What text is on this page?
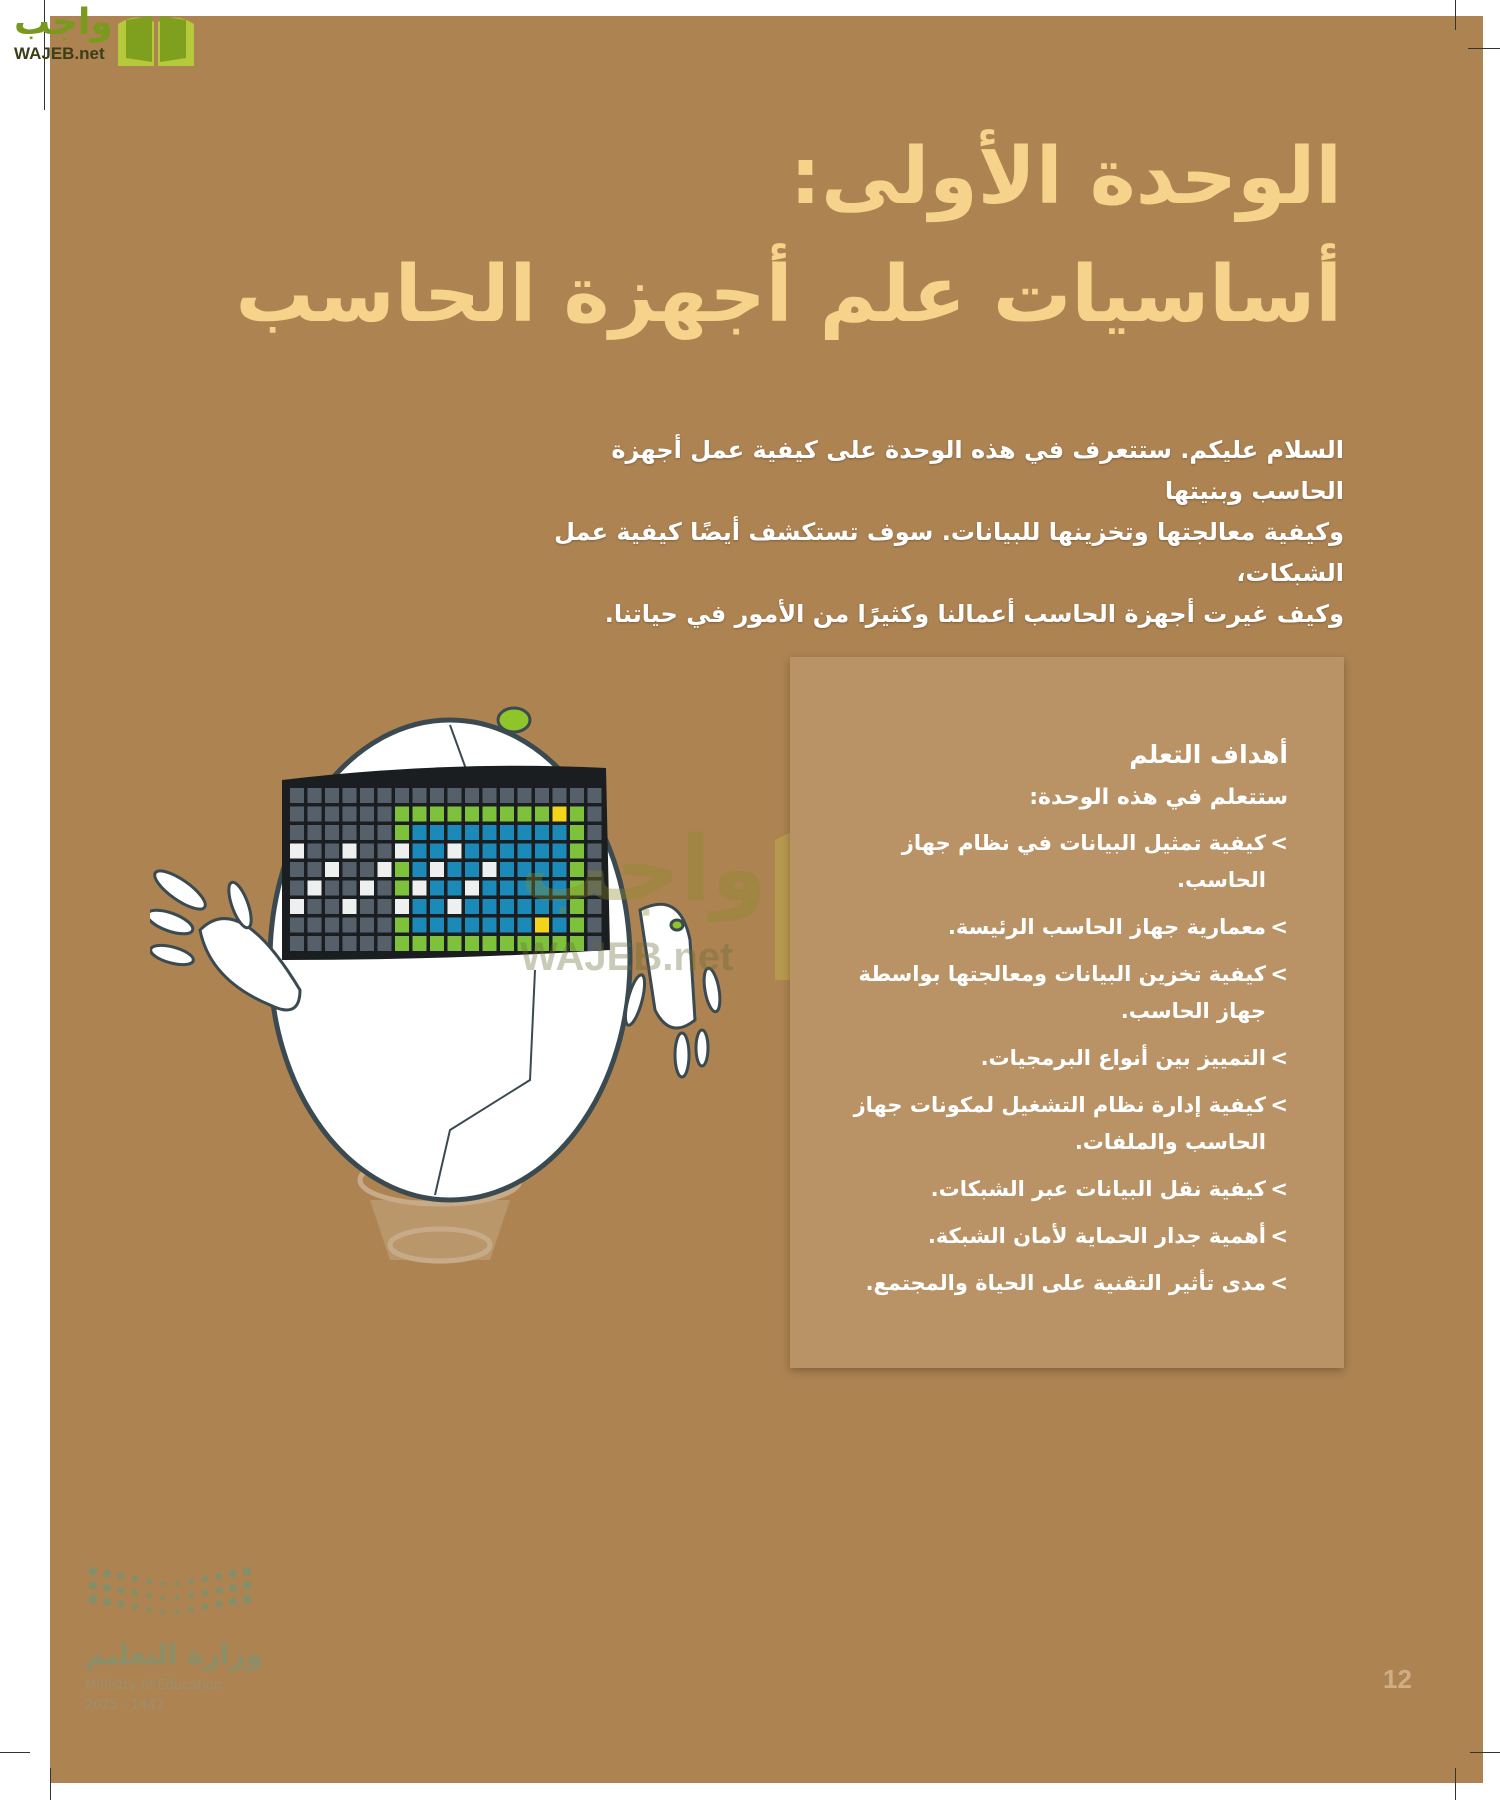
واجب
WAJEB.net
الوحدة الأولى:
أساسيات علم أجهزة الحاسب
السلام عليكم. ستتعرف في هذه الوحدة على كيفية عمل أجهزة الحاسب وبنيتها
وكيفية معالجتها وتخزينها للبيانات. سوف تستكشف أيضًا كيفية عمل الشبكات،
وكيف غيرت أجهزة الحاسب أعمالنا وكثيرًا من الأمور في حياتنا.
واجب
WAJEB.net
أهداف التعلم
ستتعلم في هذه الوحدة:
>
كيفية تمثيل البيانات في نظام جهاز الحاسب.
>
معمارية جهاز الحاسب الرئيسة.
>
كيفية تخزين البيانات ومعالجتها بواسطة جهاز الحاسب.
>
التمييز بين أنواع البرمجيات.
>
كيفية إدارة نظام التشغيل لمكونات جهاز الحاسب والملفات.
>
كيفية نقل البيانات عبر الشبكات.
>
أهمية جدار الحماية لأمان الشبكة.
>
مدى تأثير التقنية على الحياة والمجتمع.
وزارة التعليم
Ministry of Education
2025 - 1447
12
